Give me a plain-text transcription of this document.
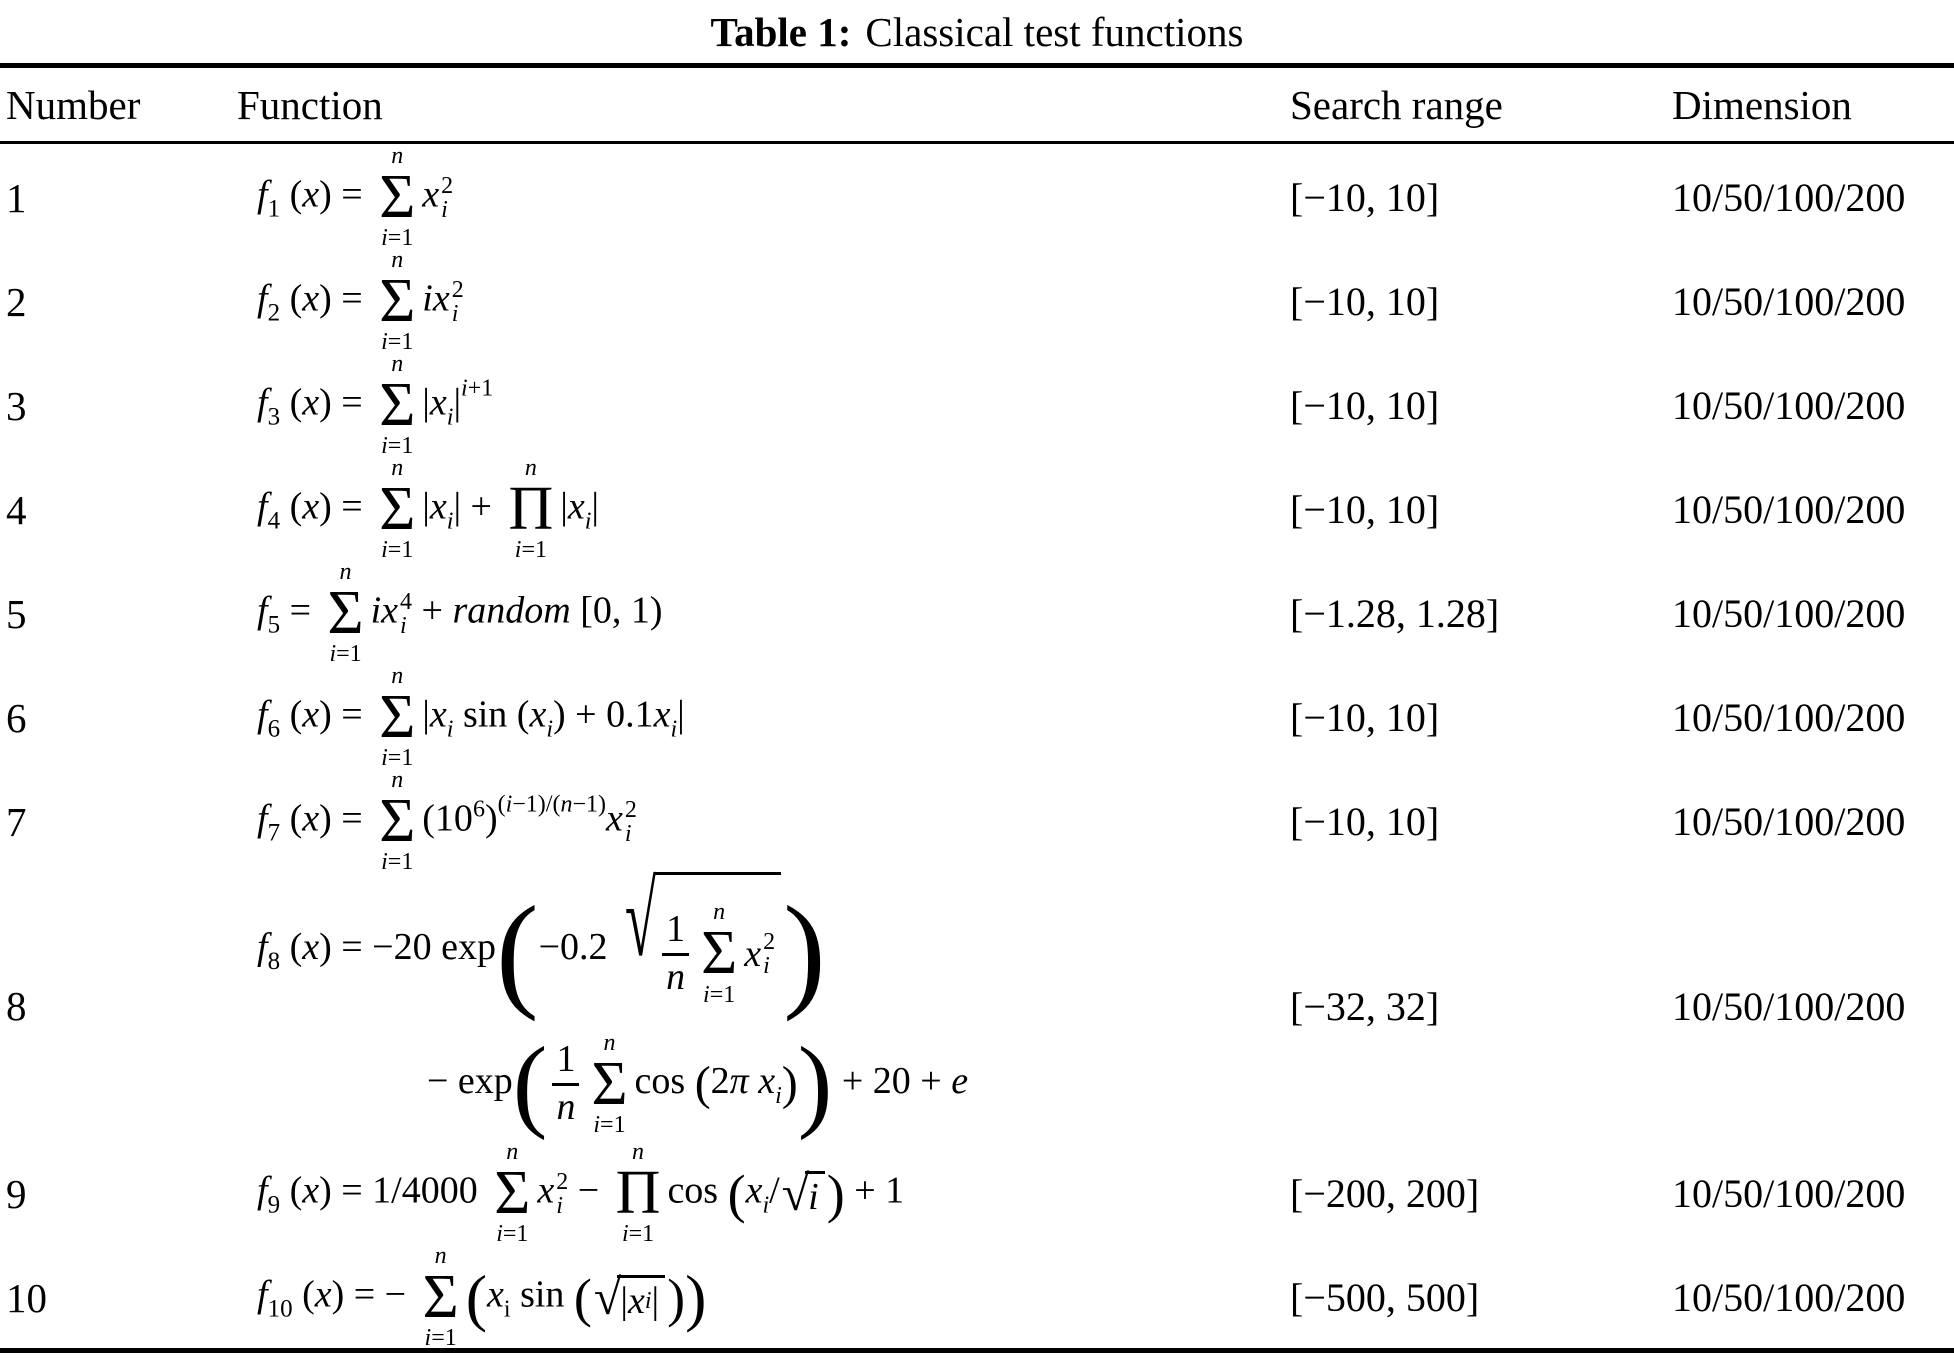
Table 1: Classical test functions
Number	Function	Search range	Dimension
1	$f_1$ (x) =
n
Σ
i=1
x 2
i	[−10, 10]	10/50/100/200
2	$f_2$ (x) =
n
Σ
i=1
ix 2
i	[−10, 10]	10/50/100/200
3	$f_3$ (x) =
n
Σ
i=1
$|x_i|^{i+1}$	[−10, 10]	10/50/100/200
4	$f_4$ (x) =
n
Σ
i=1
$|x_i|$ +
n
Π
i=1
$|x_i|$	[−10, 10]	10/50/100/200
5	$f_5$ =
n
Σ
i=1
ix 4
i + random [0, 1)	[−1.28, 1.28]	10/50/100/200
6	$f_6$ (x) =
n
Σ
i=1
$|x_i$ $\sin (x_i) + 0.1x_i|$	[−10, 10]	10/50/100/200
7	$f_7$ (x) =
n
Σ
i=1
$(10^6)^{(i-1)/(n-1)}x$ 2
i	[−10, 10]	10/50/100/200
8
$f_8$ (x) = −20 exp(−0.2 √ $\frac{1}{n}$ n
Σ
i=1
x 2
i )
− $\exp( \frac{1}{n}$ n
Σ
i=1
cos (2π $x_i)) + 20 + e$
[−32, 32]	10/50/100/200
9	$f_9$ (x) = 1/4000
n
Σ
i=1
x 2
i −
n
Π
i=1
$\cos (x_i/$ √ i ) + 1	[−200, 200]	10/50/100/200
10	$f_{10}$ (x) = −
n
Σ
i=1
($x_i$ sin ( √ | x i | ))	[−500, 500]	10/50/100/200
